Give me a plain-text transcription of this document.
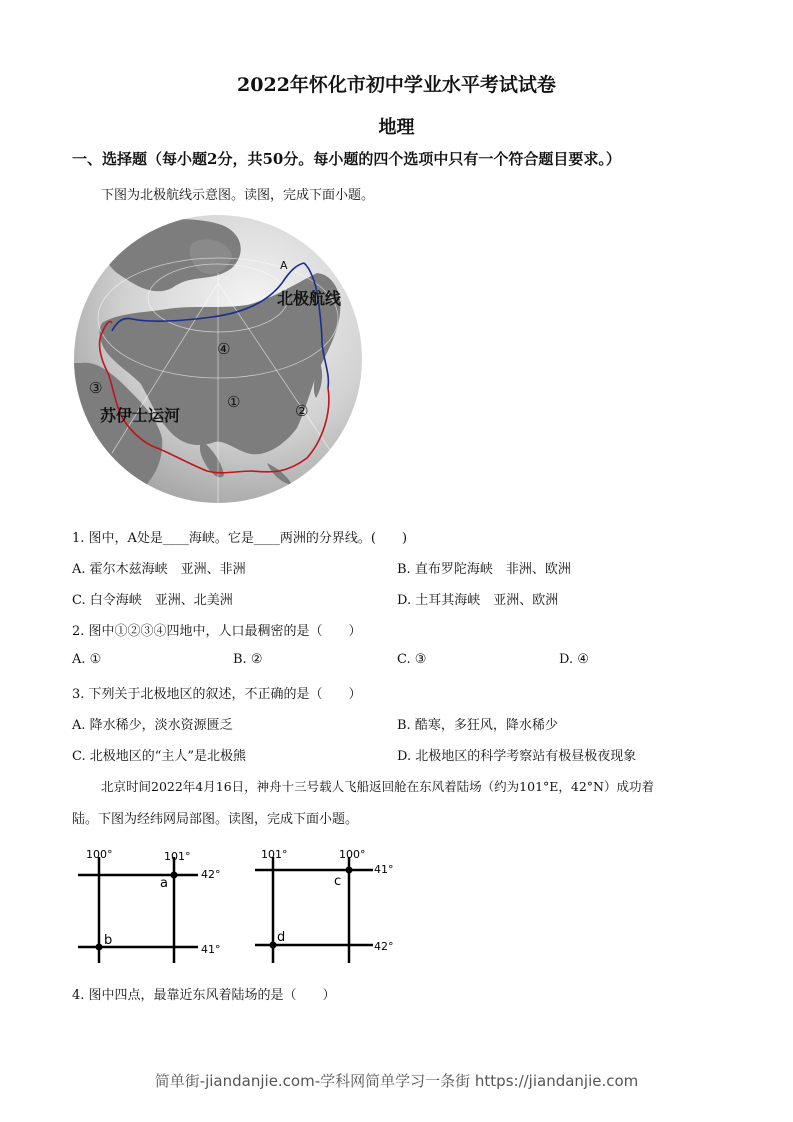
2022年怀化市初中学业水平考试试卷
地理
一、选择题（每小题2分，共50分。每小题的四个选项中只有一个符合题目要求。）
下图为北极航线示意图。读图，完成下面小题。
A
北极航线
苏伊士运河
④
①	②
③
1. 图中，A处是____海峡。它是____两洲的分界线。(　　)
A. 霍尔木兹海峡　亚洲、非洲	B. 直布罗陀海峡　非洲、欧洲
C. 白令海峡　亚洲、北美洲	D. 土耳其海峡　亚洲、欧洲
2. 图中①②③④四地中，人口最稠密的是（　　）
A. ①	B. ②	C. ③	D. ④
3. 下列关于北极地区的叙述，不正确的是（　　）
A. 降水稀少，淡水资源匮乏	B. 酷寒，多狂风，降水稀少
C. 北极地区的“主人”是北极熊	D. 北极地区的科学考察站有极昼极夜现象
北京时间2022年4月16日，神舟十三号载人飞船返回舱在东风着陆场（约为101°E，42°N）成功着
陆。下图为经纬网局部图。读图，完成下面小题。
100°	101°
42°
41°
a
b
101°	100°
41°
42°
c
d
4. 图中四点，最靠近东风着陆场的是（　　）
简单街-jiandanjie.com-学科网简单学习一条街 https://jiandanjie.com
